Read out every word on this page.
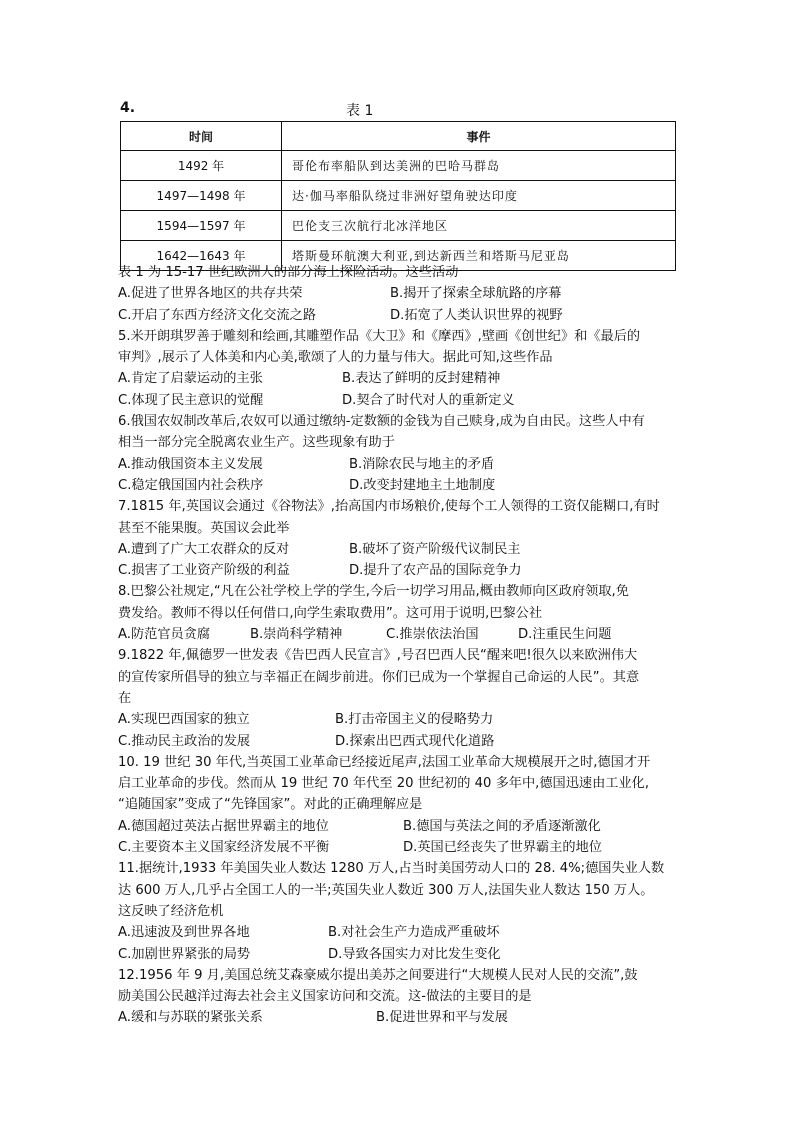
4.	表 1
时间	事件
1492 年	哥伦布率船队到达美洲的巴哈马群岛
1497—1498 年	达·伽马率船队绕过非洲好望角驶达印度
1594—1597 年	巴伦支三次航行北冰洋地区
1642—1643 年	塔斯曼环航澳大利亚,到达新西兰和塔斯马尼亚岛
表 1 为 15-17 世纪欧洲人的部分海上探险活动。这些活动
A.促进了世界各地区的共存共荣	B.揭开了探索全球航路的序幕
C.开启了东西方经济文化交流之路	D.拓宽了人类认识世界的视野
5.米开朗琪罗善于雕刻和绘画,其雕塑作品《大卫》和《摩西》,壁画《创世纪》和《最后的
审判》,展示了人体美和内心美,歌颂了人的力量与伟大。据此可知,这些作品
A.肯定了启蒙运动的主张	B.表达了鲜明的反封建精神
C.体现了民主意识的觉醒	D.契合了时代对人的重新定义
6.俄国农奴制改革后,农奴可以通过缴纳-定数额的金钱为自己赎身,成为自由民。这些人中有
相当一部分完全脱离农业生产。这些现象有助于
A.推动俄国资本主义发展	B.消除农民与地主的矛盾
C.稳定俄国国内社会秩序	D.改变封建地主土地制度
7.1815 年,英国议会通过《谷物法》,抬高国内市场粮价,使每个工人领得的工资仅能糊口,有时
甚至不能果腹。英国议会此举
A.遭到了广大工农群众的反对	B.破坏了资产阶级代议制民主
C.损害了工业资产阶级的利益	D.提升了农产品的国际竞争力
8.巴黎公社规定,“凡在公社学校上学的学生,今后一切学习用品,概由教师向区政府领取,免
费发给。教师不得以任何借口,向学生索取费用”。这可用于说明,巴黎公社
A.防范官员贪腐	B.崇尚科学精神	C.推崇依法治国	D.注重民生问题
9.1822 年,佩德罗一世发表《告巴西人民宣言》,号召巴西人民“醒来吧!很久以来欧洲伟大
的宣传家所倡导的独立与幸福正在阔步前进。你们已成为一个掌握自己命运的人民”。其意
在
A.实现巴西国家的独立	B.打击帝国主义的侵略势力
C.推动民主政治的发展	D.探索出巴西式现代化道路
10. 19 世纪 30 年代,当英国工业革命已经接近尾声,法国工业革命大规模展开之时,德国才开
启工业革命的步伐。然而从 19 世纪 70 年代至 20 世纪初的 40 多年中,德国迅速由工业化,
“追随国家”变成了“先锋国家”。对此的正确理解应是
A.德国超过英法占据世界霸主的地位	B.德国与英法之间的矛盾逐渐激化
C.主要资本主义国家经济发展不平衡	D.英国已经丧失了世界霸主的地位
11.据统计,1933 年美国失业人数达 1280 万人,占当时美国劳动人口的 28. 4%;德国失业人数
达 600 万人,几乎占全国工人的一半;英国失业人数近 300 万人,法国失业人数达 150 万人。
这反映了经济危机
A.迅速波及到世界各地	B.对社会生产力造成严重破坏
C.加剧世界紧张的局势	D.导致各国实力对比发生变化
12.1956 年 9 月,美国总统艾森豪威尔提出美苏之间要进行“大规模人民对人民的交流”,鼓
励美国公民越洋过海去社会主义国家访问和交流。这-做法的主要目的是
A.缓和与苏联的紧张关系	B.促进世界和平与发展
